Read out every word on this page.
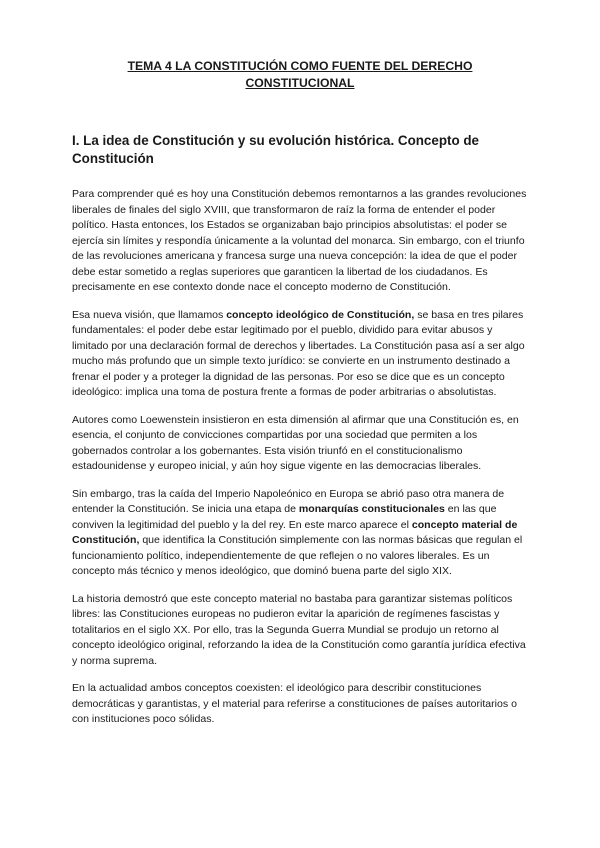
TEMA 4 LA CONSTITUCIÓN COMO FUENTE DEL DERECHO CONSTITUCIONAL
I. La idea de Constitución y su evolución histórica. Concepto de Constitución

Para comprender qué es hoy una Constitución debemos remontarnos a las grandes revoluciones liberales de finales del siglo XVIII, que transformaron de raíz la forma de entender el poder político. Hasta entonces, los Estados se organizaban bajo principios absolutistas: el poder se ejercía sin límites y respondía únicamente a la voluntad del monarca. Sin embargo, con el triunfo de las revoluciones americana y francesa surge una nueva concepción: la idea de que el poder debe estar sometido a reglas superiores que garanticen la libertad de los ciudadanos. Es precisamente en ese contexto donde nace el concepto moderno de Constitución.

Esa nueva visión, que llamamos concepto ideológico de Constitución, se basa en tres pilares fundamentales: el poder debe estar legitimado por el pueblo, dividido para evitar abusos y limitado por una declaración formal de derechos y libertades. La Constitución pasa así a ser algo mucho más profundo que un simple texto jurídico: se convierte en un instrumento destinado a frenar el poder y a proteger la dignidad de las personas. Por eso se dice que es un concepto ideológico: implica una toma de postura frente a formas de poder arbitrarias o absolutistas.

Autores como Loewenstein insistieron en esta dimensión al afirmar que una Constitución es, en esencia, el conjunto de convicciones compartidas por una sociedad que permiten a los gobernados controlar a los gobernantes. Esta visión triunfó en el constitucionalismo estadounidense y europeo inicial, y aún hoy sigue vigente en las democracias liberales.

Sin embargo, tras la caída del Imperio Napoleónico en Europa se abrió paso otra manera de entender la Constitución. Se inicia una etapa de monarquías constitucionales en las que conviven la legitimidad del pueblo y la del rey. En este marco aparece el concepto material de Constitución, que identifica la Constitución simplemente con las normas básicas que regulan el funcionamiento político, independientemente de que reflejen o no valores liberales. Es un concepto más técnico y menos ideológico, que dominó buena parte del siglo XIX.

La historia demostró que este concepto material no bastaba para garantizar sistemas políticos libres: las Constituciones europeas no pudieron evitar la aparición de regímenes fascistas y totalitarios en el siglo XX. Por ello, tras la Segunda Guerra Mundial se produjo un retorno al concepto ideológico original, reforzando la idea de la Constitución como garantía jurídica efectiva y norma suprema.

En la actualidad ambos conceptos coexisten: el ideológico para describir constituciones democráticas y garantistas, y el material para referirse a constituciones de países autoritarios o con instituciones poco sólidas.
